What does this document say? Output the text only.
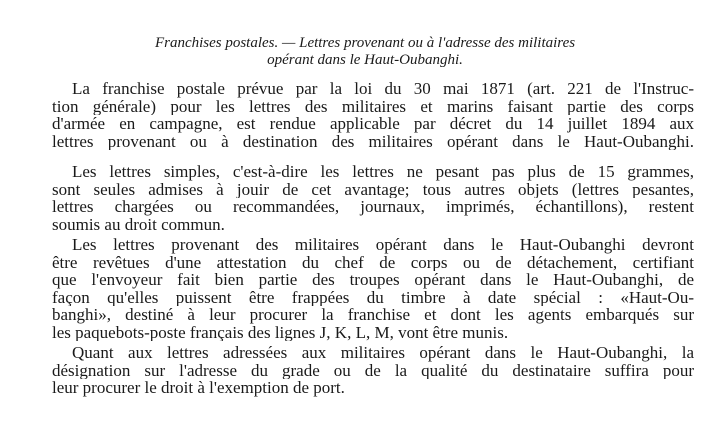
Franchises postales. — Lettres provenant ou à l'adresse des militaires
opérant dans le Haut-Oubanghi.
La franchise postale prévue par la loi du 30 mai 1871 (art. 221 de l'Instruc-
tion générale) pour les lettres des militaires et marins faisant partie des corps
d'armée en campagne, est rendue applicable par décret du 14 juillet 1894 aux
lettres provenant ou à destination des militaires opérant dans le Haut-Oubanghi.
Les lettres simples, c'est-à-dire les lettres ne pesant pas plus de 15 grammes,
sont seules admises à jouir de cet avantage; tous autres objets (lettres pesantes,
lettres chargées ou recommandées, journaux, imprimés, échantillons), restent
soumis au droit commun.
Les lettres provenant des militaires opérant dans le Haut-Oubanghi devront
être revêtues d'une attestation du chef de corps ou de détachement, certifiant
que l'envoyeur fait bien partie des troupes opérant dans le Haut-Oubanghi, de
façon qu'elles puissent être frappées du timbre à date spécial : «Haut-Ou-
banghi», destiné à leur procurer la franchise et dont les agents embarqués sur
les paquebots-poste français des lignes J, K, L, M, vont être munis.
Quant aux lettres adressées aux militaires opérant dans le Haut-Oubanghi, la
désignation sur l'adresse du grade ou de la qualité du destinataire suffira pour
leur procurer le droit à l'exemption de port.
